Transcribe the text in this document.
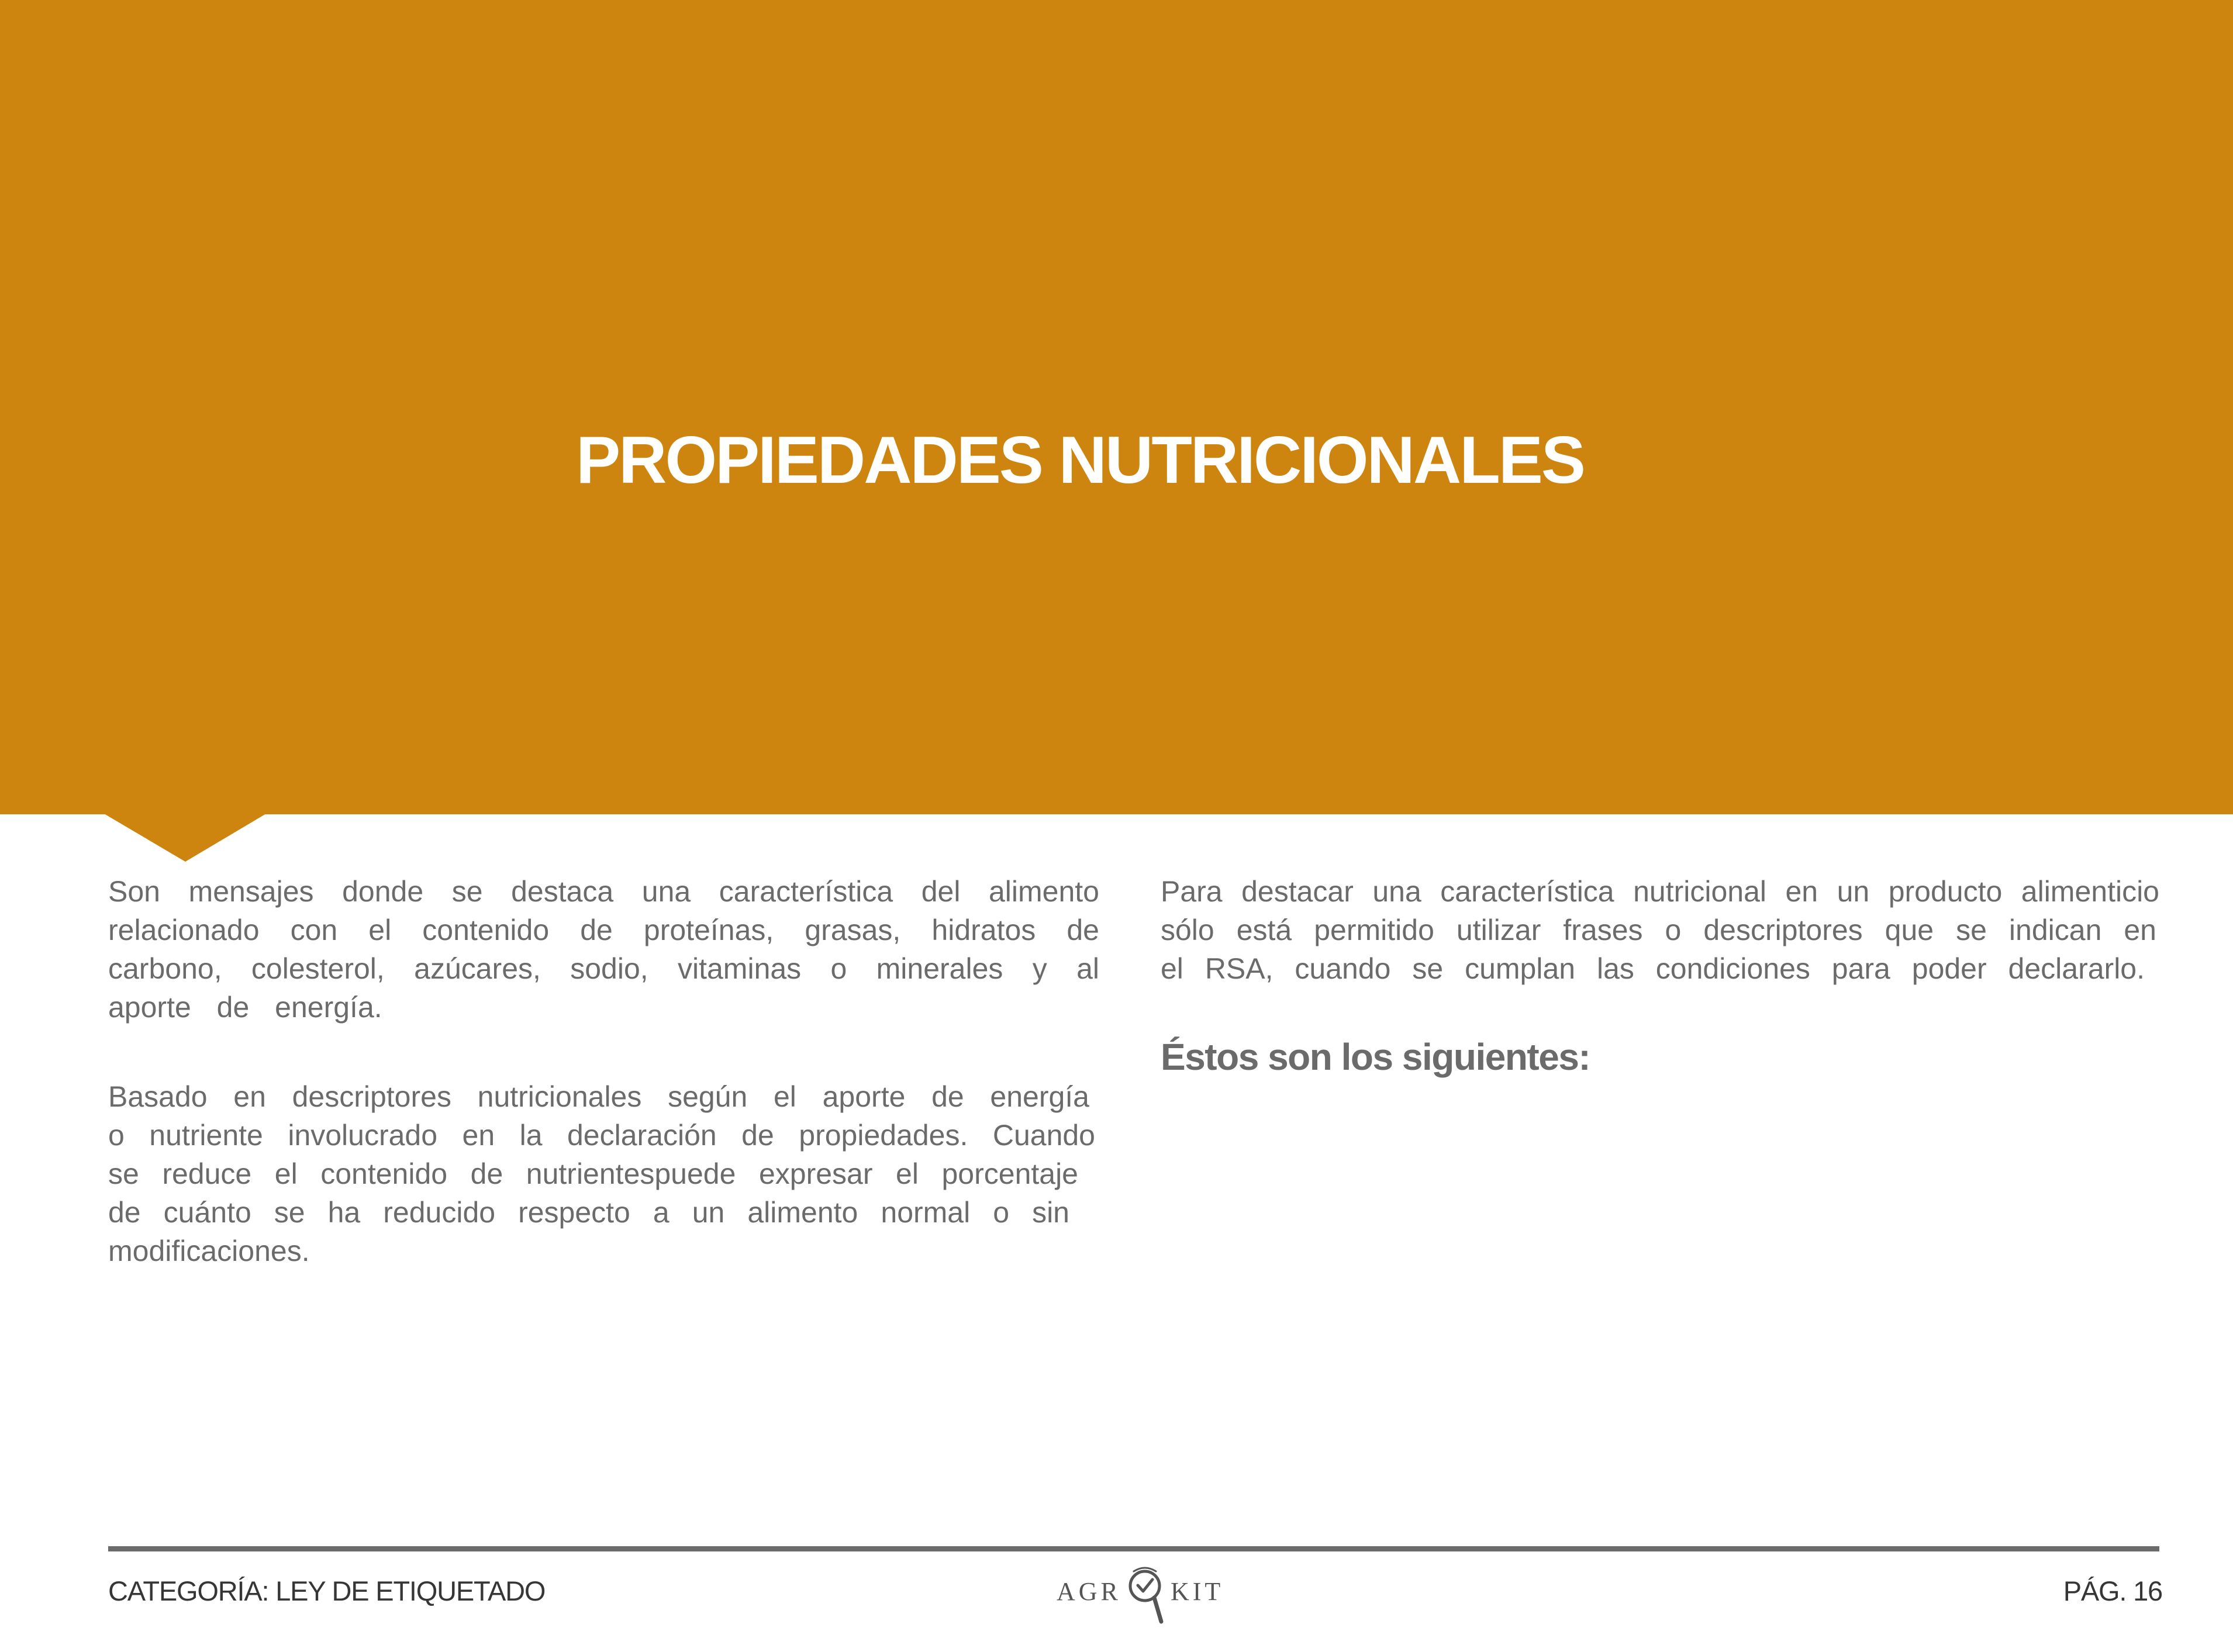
PROPIEDADES NUTRICIONALES
Son mensajes donde se destaca una característica del alimento
relacionado con el contenido de proteínas, grasas, hidratos de
carbono, colesterol, azúcares, sodio, vitaminas o minerales y al
aporte de energía.
Basado en descriptores nutricionales según el aporte de energía
o nutriente involucrado en la declaración de propiedades. Cuando
se reduce el contenido de nutrientespuede expresar el porcentaje
de cuánto se ha reducido respecto a un alimento normal o sin
modificaciones.
Para destacar una característica nutricional en un producto alimenticio
sólo está permitido utilizar frases o descriptores que se indican en
el RSA, cuando se cumplan las condiciones para poder declararlo.
Éstos son los siguientes:
CATEGORÍA: LEY DE ETIQUETADO	AGR KIT	PÁG. 16
